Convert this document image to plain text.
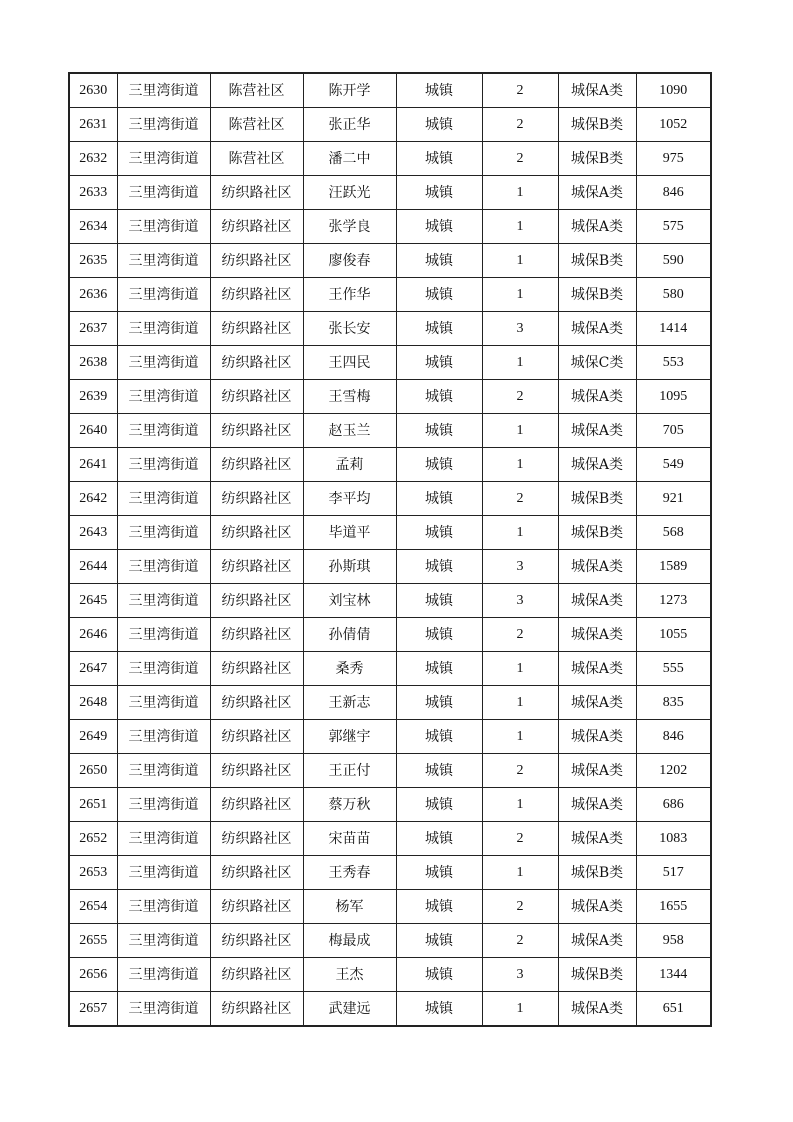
2630	三里湾街道	陈营社区	陈开学	城镇	2	城保A类	1090
2631	三里湾街道	陈营社区	张正华	城镇	2	城保B类	1052
2632	三里湾街道	陈营社区	潘二中	城镇	2	城保B类	975
2633	三里湾街道	纺织路社区	汪跃光	城镇	1	城保A类	846
2634	三里湾街道	纺织路社区	张学良	城镇	1	城保A类	575
2635	三里湾街道	纺织路社区	廖俊春	城镇	1	城保B类	590
2636	三里湾街道	纺织路社区	王作华	城镇	1	城保B类	580
2637	三里湾街道	纺织路社区	张长安	城镇	3	城保A类	1414
2638	三里湾街道	纺织路社区	王四民	城镇	1	城保C类	553
2639	三里湾街道	纺织路社区	王雪梅	城镇	2	城保A类	1095
2640	三里湾街道	纺织路社区	赵玉兰	城镇	1	城保A类	705
2641	三里湾街道	纺织路社区	孟莉	城镇	1	城保A类	549
2642	三里湾街道	纺织路社区	李平均	城镇	2	城保B类	921
2643	三里湾街道	纺织路社区	毕道平	城镇	1	城保B类	568
2644	三里湾街道	纺织路社区	孙斯琪	城镇	3	城保A类	1589
2645	三里湾街道	纺织路社区	刘宝林	城镇	3	城保A类	1273
2646	三里湾街道	纺织路社区	孙倩倩	城镇	2	城保A类	1055
2647	三里湾街道	纺织路社区	桑秀	城镇	1	城保A类	555
2648	三里湾街道	纺织路社区	王新志	城镇	1	城保A类	835
2649	三里湾街道	纺织路社区	郭继宇	城镇	1	城保A类	846
2650	三里湾街道	纺织路社区	王正付	城镇	2	城保A类	1202
2651	三里湾街道	纺织路社区	蔡万秋	城镇	1	城保A类	686
2652	三里湾街道	纺织路社区	宋苗苗	城镇	2	城保A类	1083
2653	三里湾街道	纺织路社区	王秀春	城镇	1	城保B类	517
2654	三里湾街道	纺织路社区	杨军	城镇	2	城保A类	1655
2655	三里湾街道	纺织路社区	梅最成	城镇	2	城保A类	958
2656	三里湾街道	纺织路社区	王杰	城镇	3	城保B类	1344
2657	三里湾街道	纺织路社区	武建远	城镇	1	城保A类	651
